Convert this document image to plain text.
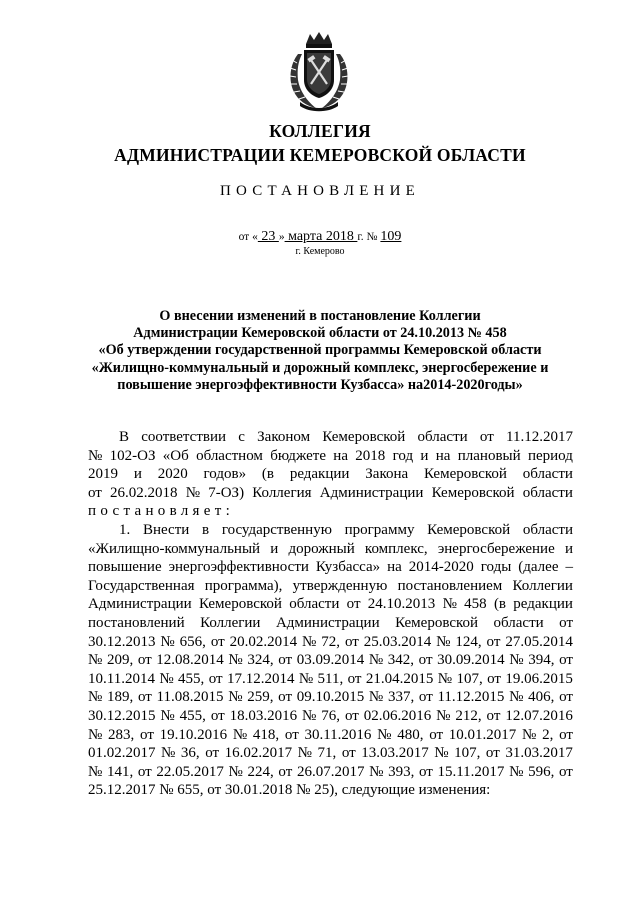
КОЛЛЕГИЯ
АДМИНИСТРАЦИИ КЕМЕРОВСКОЙ ОБЛАСТИ
ПОСТАНОВЛЕНИЕ
от « 23 » марта 2018 г. № 109
г. Кемерово
О внесении изменений в постановление Коллегии
Администрации Кемеровской области от 24.10.2013 № 458
«Об утверждении государственной программы Кемеровской области
«Жилищно-коммунальный и дорожный комплекс, энергосбережение и
повышение энергоэффективности Кузбасса» на2014-2020годы»
В соответствии с Законом Кемеровской области от 11.12.2017
№ 102-ОЗ «Об областном бюджете на 2018 год и на плановый период
2019 и 2020 годов» (в редакции Закона Кемеровской области
от 26.02.2018 № 7-ОЗ) Коллегия Администрации Кемеровской области
постановляет:
1. Внести в государственную программу Кемеровской области
«Жилищно-коммунальный и дорожный комплекс, энергосбережение и
повышение энергоэффективности Кузбасса» на 2014-2020 годы (далее –
Государственная программа), утвержденную постановлением Коллегии
Администрации Кемеровской области от 24.10.2013 № 458 (в редакции
постановлений Коллегии Администрации Кемеровской области от
30.12.2013 № 656, от 20.02.2014 № 72, от 25.03.2014 № 124, от 27.05.2014
№ 209, от 12.08.2014 № 324, от 03.09.2014 № 342, от 30.09.2014 № 394, от
10.11.2014 № 455, от 17.12.2014 № 511, от 21.04.2015 № 107, от 19.06.2015
№ 189, от 11.08.2015 № 259, от 09.10.2015 № 337, от 11.12.2015 № 406, от
30.12.2015 № 455, от 18.03.2016 № 76, от 02.06.2016 № 212, от 12.07.2016
№ 283, от 19.10.2016 № 418, от 30.11.2016 № 480, от 10.01.2017 № 2, от
01.02.2017 № 36, от 16.02.2017 № 71, от 13.03.2017 № 107, от 31.03.2017
№ 141, от 22.05.2017 № 224, от 26.07.2017 № 393, от 15.11.2017 № 596, от
25.12.2017 № 655, от 30.01.2018 № 25), следующие изменения:
